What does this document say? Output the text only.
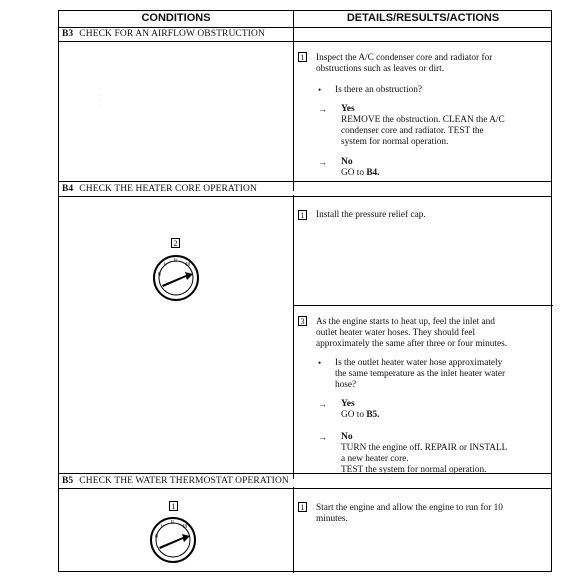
CONDITIONS	DETAILS/RESULTS/ACTIONS
B3 CHECK FOR AN AIRFLOW OBSTRUCTION
1 Inspect the A/C condenser core and radiator for
obstructions such as leaves or dirt.
• Is there an obstruction?
→ Yes
REMOVE the obstruction. CLEAN the A/C
condenser core and radiator. TEST the
system for normal operation.
→ No
GO to B4.
·
·
·
B4 CHECK THE HEATER CORE OPERATION
2
0
I
II
III
1 Install the pressure relief cap.
3 As the engine starts to heat up, feel the inlet and
outlet heater water hoses. They should feel
approximately the same after three or four minutes.
• Is the outlet heater water hose approximately
the same temperature as the inlet heater water
hose?
→ Yes
GO to B5.
→ No
TURN the engine off. REPAIR or INSTALL
a new heater core.
TEST the system for normal operation.
B5 CHECK THE WATER THERMOSTAT OPERATION
1
0
I
II
III
1 Start the engine and allow the engine to run for 10
minutes.
